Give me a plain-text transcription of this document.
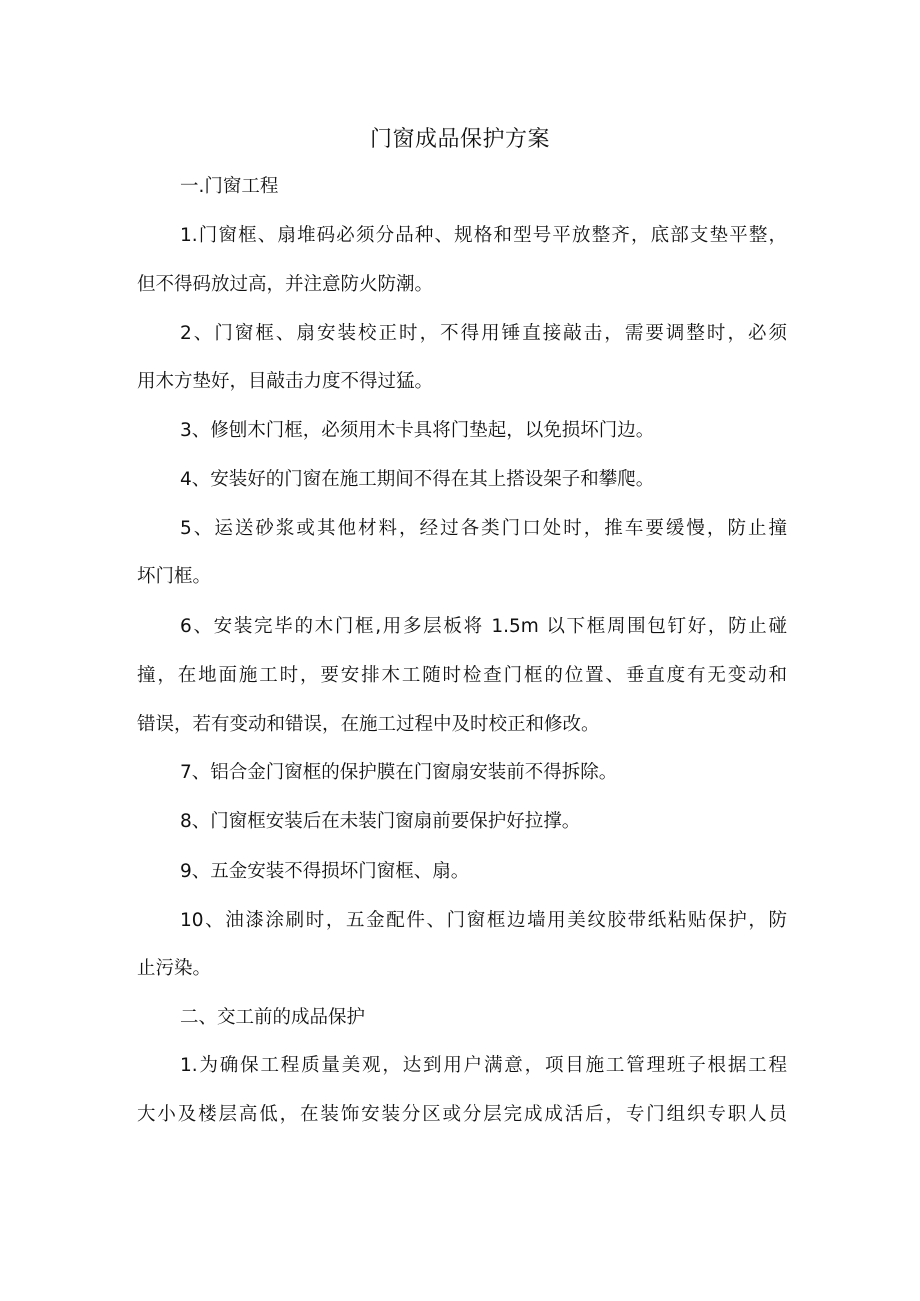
门窗成品保护方案
一.门窗工程
1.门窗框、扇堆码必须分品种、规格和型号平放整齐，底部支垫平整，
但不得码放过高，并注意防火防潮。
2、门窗框、扇安装校正时，不得用锤直接敲击，需要调整时，必须
用木方垫好，目敲击力度不得过猛。
3、修刨木门框，必须用木卡具将门垫起，以免损坏门边。
4、安装好的门窗在施工期间不得在其上搭设架子和攀爬。
5、运送砂浆或其他材料，经过各类门口处时，推车要缓慢，防止撞
坏门框。
6、安装完毕的木门框,用多层板将 1.5m 以下框周围包钉好，防止碰
撞，在地面施工时，要安排木工随时检查门框的位置、垂直度有无变动和
错误，若有变动和错误，在施工过程中及时校正和修改。
7、铝合金门窗框的保护膜在门窗扇安装前不得拆除。
8、门窗框安装后在未装门窗扇前要保护好拉撑。
9、五金安装不得损坏门窗框、扇。
10、油漆涂刷时，五金配件、门窗框边墙用美纹胶带纸粘贴保护，防
止污染。
二、交工前的成品保护
1.为确保工程质量美观，达到用户满意，项目施工管理班子根据工程
大小及楼层高低，在装饰安装分区或分层完成成活后，专门组织专职人员
